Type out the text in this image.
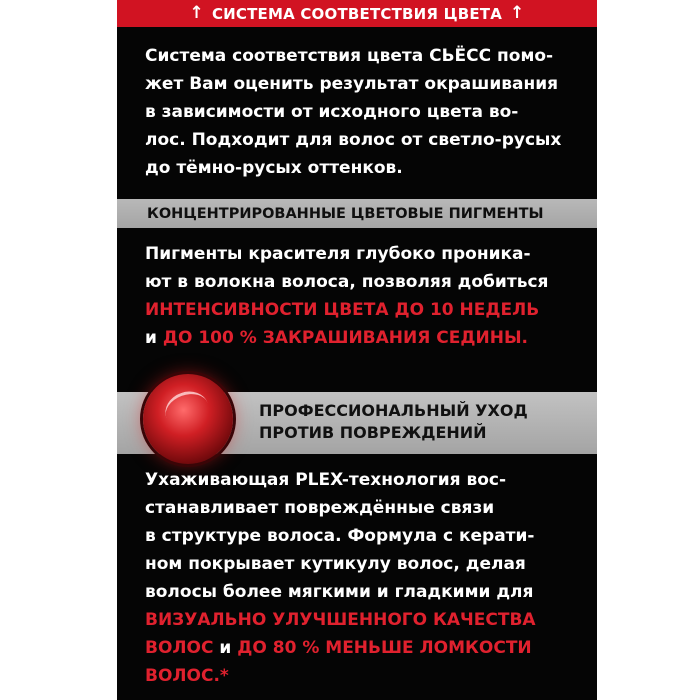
↑ СИСТЕМА СООТВЕТСТВИЯ ЦВЕТА ↑
Система соответствия цвета СЬЁСС помо-
жет Вам оценить результат окрашивания
в зависимости от исходного цвета во-
лос. Подходит для волос от светло-русых
до тёмно-русых оттенков.
КОНЦЕНТРИРОВАННЫЕ ЦВЕТОВЫЕ ПИГМЕНТЫ
Пигменты красителя глубоко проника-
ют в волокна волоса, позволяя добиться
ИНТЕНСИВНОСТИ ЦВЕТА ДО 10 НЕДЕЛЬ
и ДО 100 % ЗАКРАШИВАНИЯ СЕДИНЫ.
ПРОФЕССИОНАЛЬНЫЙ УХОД
ПРОТИВ ПОВРЕЖДЕНИЙ
Ухаживающая PLEX-технология вос-
станавливает повреждённые связи
в структуре волоса. Формула с керати-
ном покрывает кутикулу волос, делая
волосы более мягкими и гладкими для
ВИЗУАЛЬНО УЛУЧШЕННОГО КАЧЕСТВА
ВОЛОС и ДО 80 % МЕНЬШЕ ЛОМКОСТИ
ВОЛОС.*
